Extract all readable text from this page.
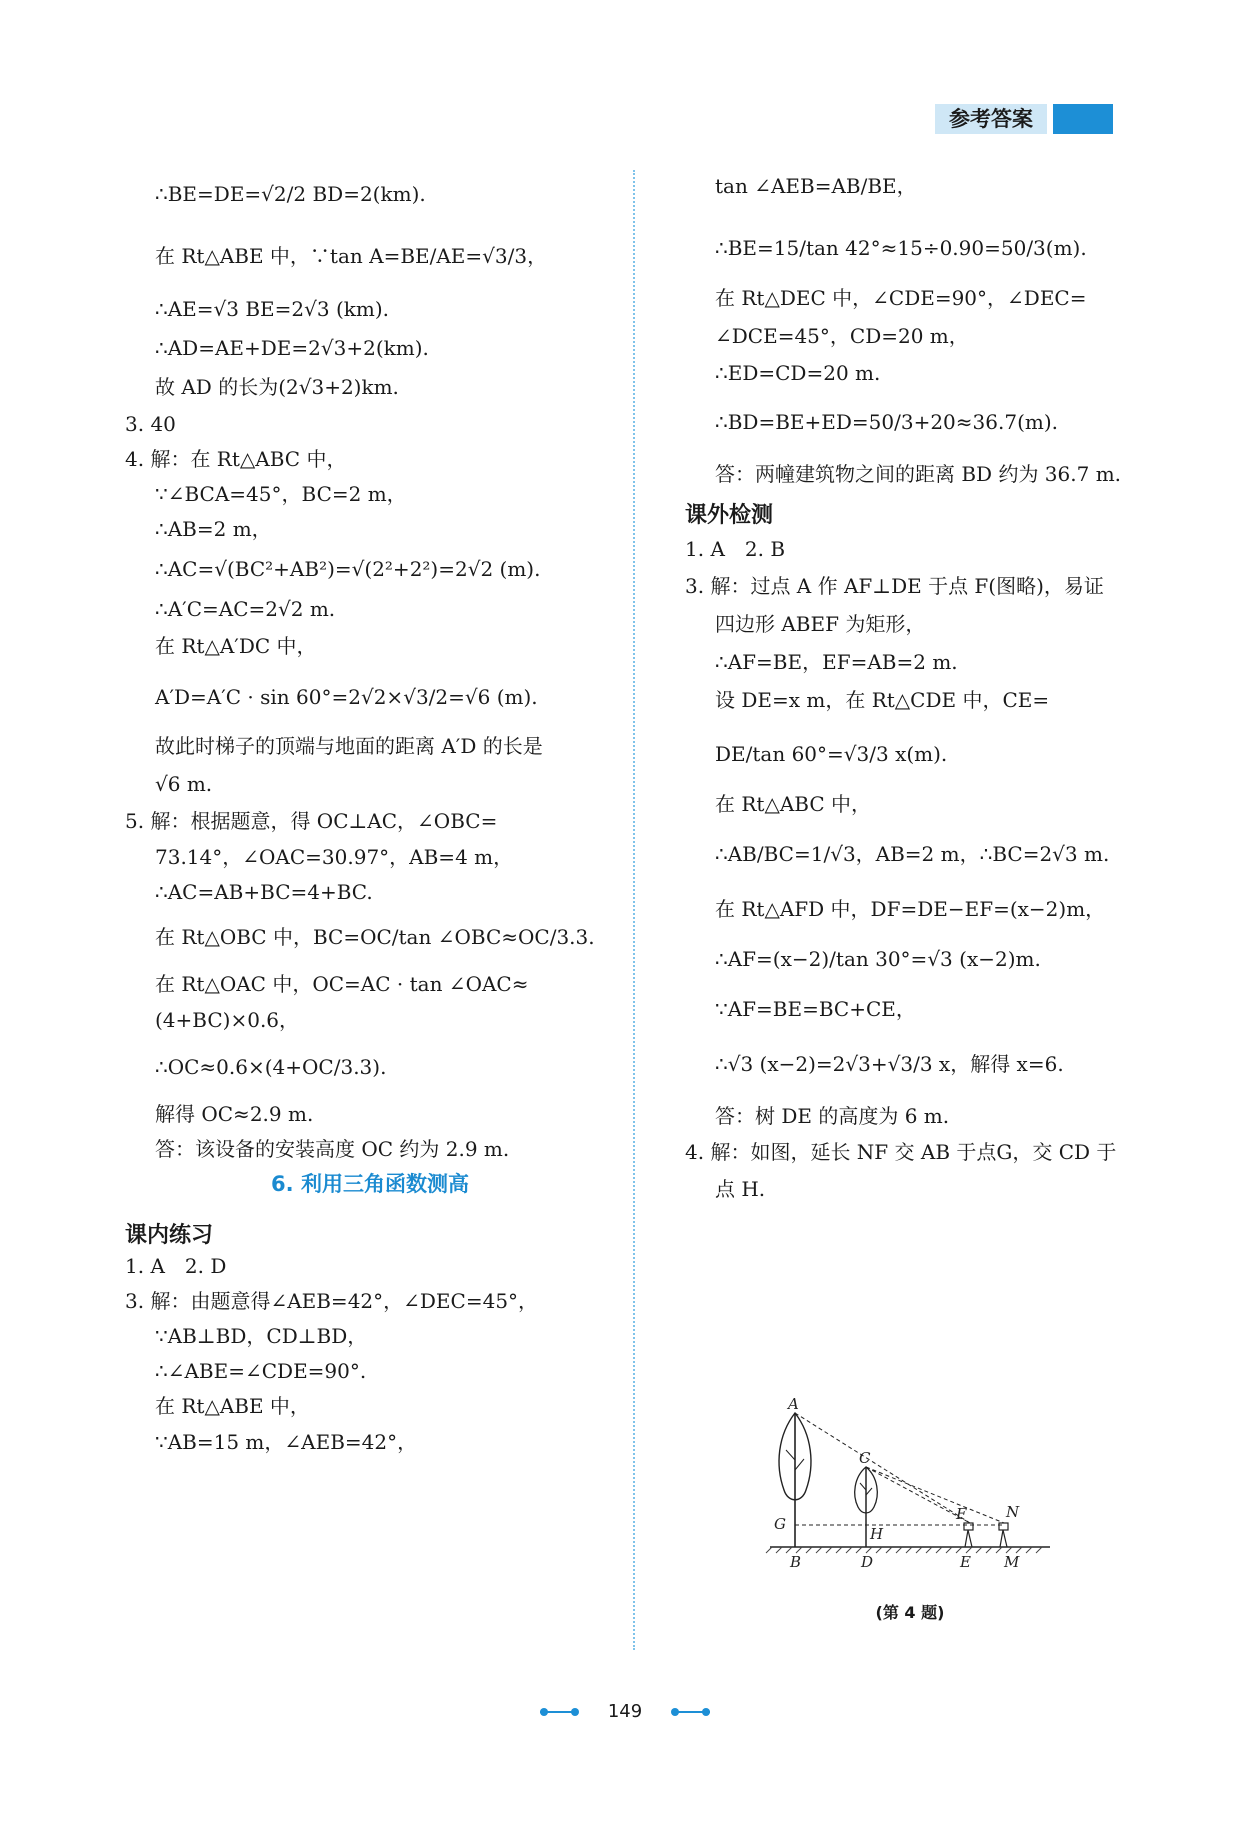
参考答案
∴BE=DE=√2/2 BD=2(km).
在 Rt△ABE 中，∵tan A=BE/AE=√3/3，
∴AE=√3 BE=2√3 (km).
∴AD=AE+DE=2√3+2(km).
故 AD 的长为(2√3+2)km.
3. 40
4. 解：在 Rt△ABC 中，
∵∠BCA=45°，BC=2 m，
∴AB=2 m，
∴AC=√(BC²+AB²)=√(2²+2²)=2√2 (m).
∴A′C=AC=2√2 m.
在 Rt△A′DC 中，
A′D=A′C · sin 60°=2√2×√3/2=√6 (m).
故此时梯子的顶端与地面的距离 A′D 的长是
√6 m.
5. 解：根据题意，得 OC⊥AC，∠OBC=
73.14°，∠OAC=30.97°，AB=4 m，
∴AC=AB+BC=4+BC.
在 Rt△OBC 中，BC=OC/tan ∠OBC≈OC/3.3.
在 Rt△OAC 中，OC=AC · tan ∠OAC≈
(4+BC)×0.6，
∴OC≈0.6×(4+OC/3.3).
解得 OC≈2.9 m.
答：该设备的安装高度 OC 约为 2.9 m.
6. 利用三角函数测高
课内练习
1. A　2. D
3. 解：由题意得∠AEB=42°，∠DEC=45°，
∵AB⊥BD，CD⊥BD，
∴∠ABE=∠CDE=90°.
在 Rt△ABE 中，
∵AB=15 m，∠AEB=42°，
tan ∠AEB=AB/BE，
∴BE=15/tan 42°≈15÷0.90=50/3(m).
在 Rt△DEC 中，∠CDE=90°，∠DEC=
∠DCE=45°，CD=20 m，
∴ED=CD=20 m.
∴BD=BE+ED=50/3+20≈36.7(m).
答：两幢建筑物之间的距离 BD 约为 36.7 m.
课外检测
1. A　2. B
3. 解：过点 A 作 AF⊥DE 于点 F(图略)，易证
四边形 ABEF 为矩形，
∴AF=BE，EF=AB=2 m.
设 DE=x m，在 Rt△CDE 中，CE=
DE/tan 60°=√3/3 x(m).
在 Rt△ABC 中，
∴AB/BC=1/√3，AB=2 m，∴BC=2√3 m.
在 Rt△AFD 中，DF=DE−EF=(x−2)m，
∴AF=(x−2)/tan 30°=√3 (x−2)m.
∵AF=BE=BC+CE，
∴√3 (x−2)=2√3+√3/3 x，解得 x=6.
答：树 DE 的高度为 6 m.
4. 解：如图，延长 NF 交 AB 于点G，交 CD 于
点 H.
A
B
C
D	E
F
G
H
M
N
(第 4 题)
149
